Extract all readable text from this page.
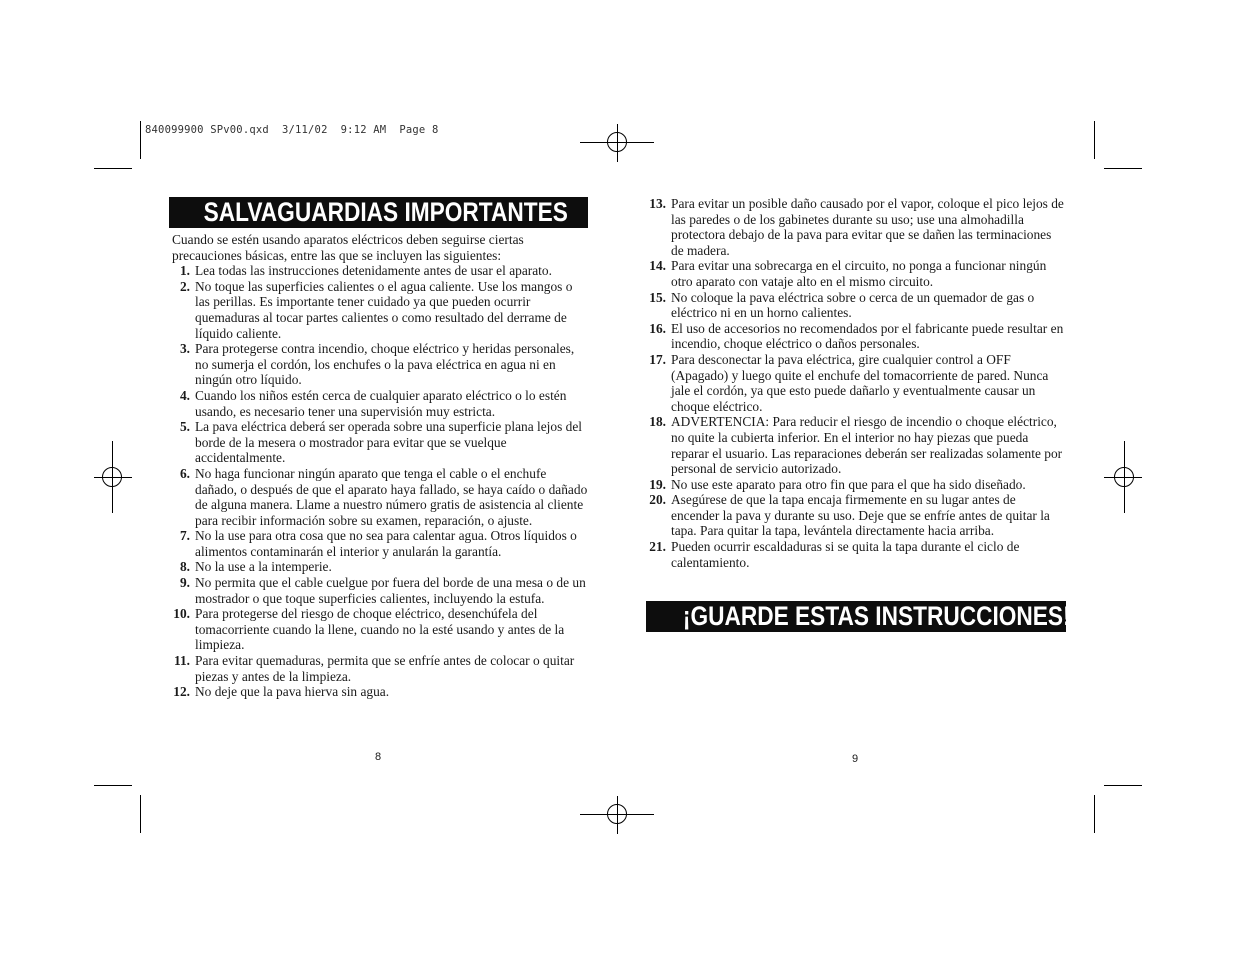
840099900 SPv00.qxd  3/11/02  9:12 AM  Page 8
SALVAGUARDIAS IMPORTANTES

Cuando se estén usando aparatos eléctricos deben seguirse ciertas precauciones básicas, entre las que se incluyen las siguientes:

1. Lea todas las instrucciones detenidamente antes de usar el aparato.
2. No toque las superficies calientes o el agua caliente. Use los mangos o las perillas. Es importante tener cuidado ya que pueden ocurrir quemaduras al tocar partes calientes o como resultado del derrame de líquido caliente.
3. Para protegerse contra incendio, choque eléctrico y heridas personales, no sumerja el cordón, los enchufes o la pava eléctrica en agua ni en ningún otro líquido.
4. Cuando los niños estén cerca de cualquier aparato eléctrico o lo estén usando, es necesario tener una supervisión muy estricta.
5. La pava eléctrica deberá ser operada sobre una superficie plana lejos del borde de la mesera o mostrador para evitar que se vuelque accidentalmente.
6. No haga funcionar ningún aparato que tenga el cable o el enchufe dañado, o después de que el aparato haya fallado, se haya caído o dañado de alguna manera. Llame a nuestro número gratis de asistencia al cliente para recibir información sobre su examen, reparación, o ajuste.
7. No la use para otra cosa que no sea para calentar agua. Otros líquidos o alimentos contaminarán el interior y anularán la garantía.
8. No la use a la intemperie.
9. No permita que el cable cuelgue por fuera del borde de una mesa o de un mostrador o que toque superficies calientes, incluyendo la estufa.
10. Para protegerse del riesgo de choque eléctrico, desenchúfela del tomacorriente cuando la llene, cuando no la esté usando y antes de la limpieza.
11. Para evitar quemaduras, permita que se enfríe antes de colocar o quitar piezas y antes de la limpieza.
12. No deje que la pava hierva sin agua.
8
13. Para evitar un posible daño causado por el vapor, coloque el pico lejos de las paredes o de los gabinetes durante su uso; use una almohadilla protectora debajo de la pava para evitar que se dañen las terminaciones de madera.
14. Para evitar una sobrecarga en el circuito, no ponga a funcionar ningún otro aparato con vataje alto en el mismo circuito.
15. No coloque la pava eléctrica sobre o cerca de un quemador de gas o eléctrico ni en un horno calientes.
16. El uso de accesorios no recomendados por el fabricante puede resultar en incendio, choque eléctrico o daños personales.
17. Para desconectar la pava eléctrica, gire cualquier control a OFF (Apagado) y luego quite el enchufe del tomacorriente de pared. Nunca jale el cordón, ya que esto puede dañarlo y eventualmente causar un choque eléctrico.
18. ADVERTENCIA: Para reducir el riesgo de incendio o choque eléctrico, no quite la cubierta inferior. En el interior no hay piezas que pueda reparar el usuario. Las reparaciones deberán ser realizadas solamente por personal de servicio autorizado.
19. No use este aparato para otro fin que para el que ha sido diseñado.
20. Asegúrese de que la tapa encaja firmemente en su lugar antes de encender la pava y durante su uso. Deje que se enfríe antes de quitar la tapa. Para quitar la tapa, levántela directamente hacia arriba.
21. Pueden ocurrir escaldaduras si se quita la tapa durante el ciclo de calentamiento.
¡GUARDE ESTAS INSTRUCCIONES!
9
